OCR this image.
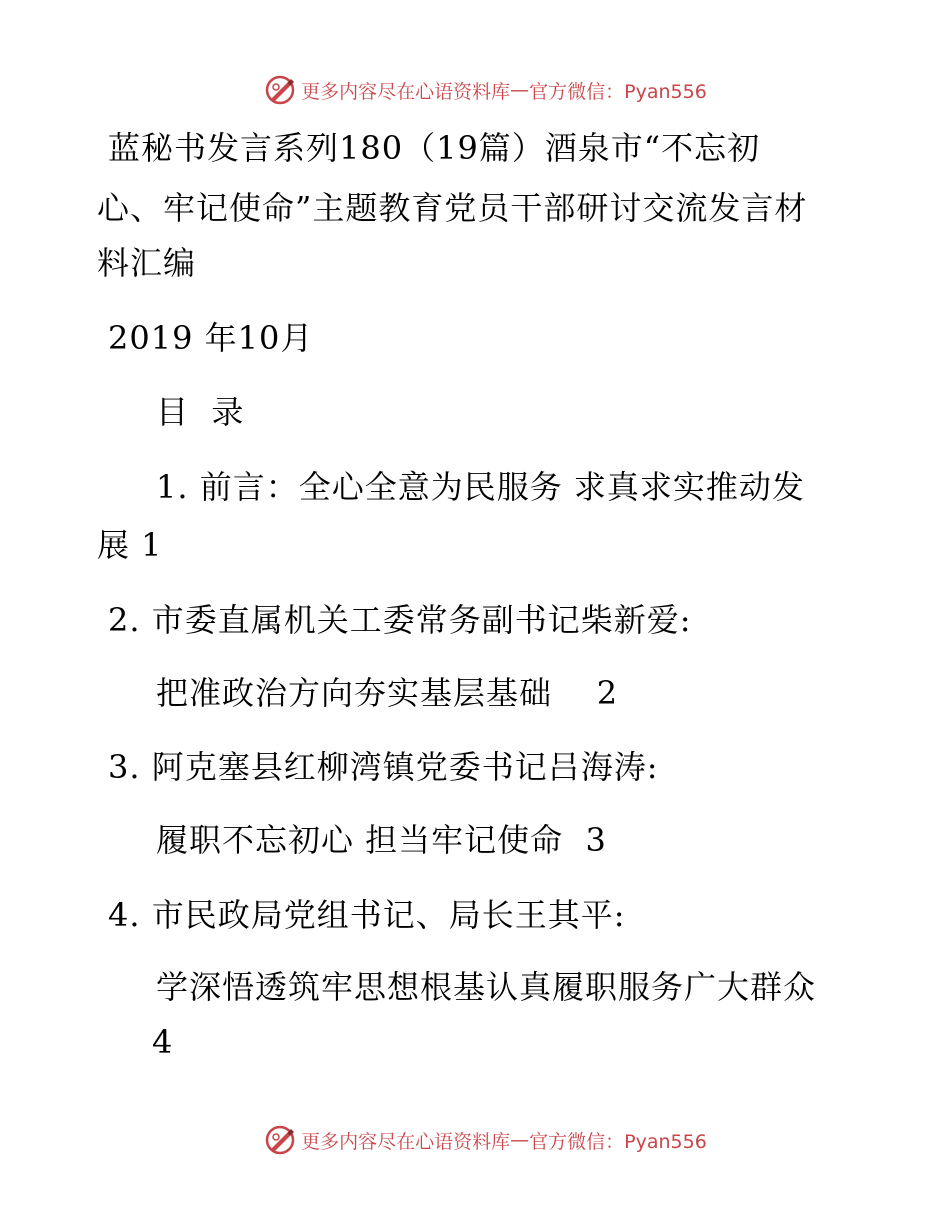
更多内容尽在心语资料库 — 官方微信：Pyan556
蓝秘书发言系列180（19篇）酒泉市“不忘初
心、牢记使命”主题教育党员干部研讨交流发言材
料汇编
2019 年10月
目  录
1. 前言：全心全意为民服务 求真求实推动发
展 1
2. 市委直属机关工委常务副书记柴新爱:
把准政治方向夯实基层基础    2
3. 阿克塞县红柳湾镇党委书记吕海涛:
履职不忘初心 担当牢记使命  3
4. 市民政局党组书记、局长王其平:
学深悟透筑牢思想根基认真履职服务广大群众
4
更多内容尽在心语资料库 — 官方微信：Pyan556
